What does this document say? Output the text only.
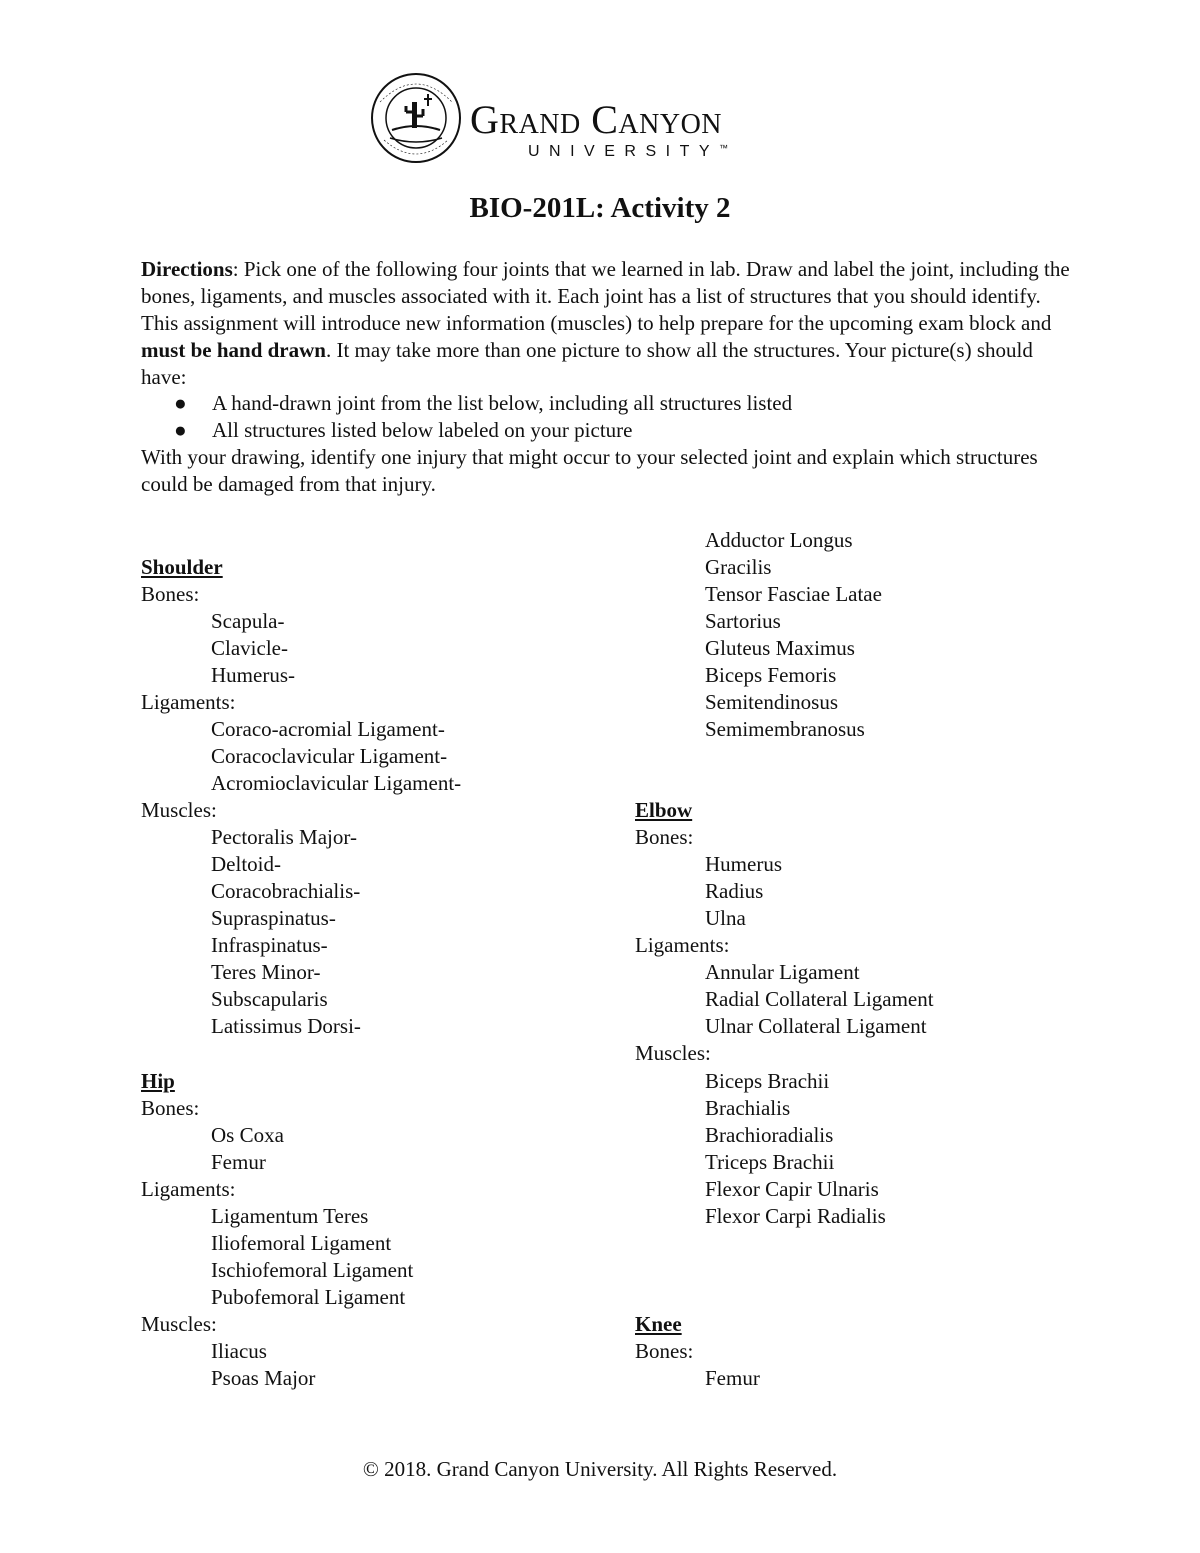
Grand Canyon
UNIVERSITY™
BIO-201L: Activity 2
Directions: Pick one of the following four joints that we learned in lab. Draw and label the joint, including the bones, ligaments, and muscles associated with it. Each joint has a list of structures that you should identify. This assignment will introduce new information (muscles) to help prepare for the upcoming exam block and must be hand drawn. It may take more than one picture to show all the structures. Your picture(s) should have:
● A hand-drawn joint from the list below, including all structures listed
● All structures listed below labeled on your picture
With your drawing, identify one injury that might occur to your selected joint and explain which structures could be damaged from that injury.
Shoulder
Bones:
Scapula-
Clavicle-
Humerus-
Ligaments:
Coraco-acromial Ligament-
Coracoclavicular Ligament-
Acromioclavicular Ligament-
Muscles:
Pectoralis Major-
Deltoid-
Coracobrachialis-
Supraspinatus-
Infraspinatus-
Teres Minor-
Subscapularis
Latissimus Dorsi-
Hip
Bones:
Os Coxa
Femur
Ligaments:
Ligamentum Teres
Iliofemoral Ligament
Ischiofemoral Ligament
Pubofemoral Ligament
Muscles:
Iliacus
Psoas Major
Adductor Longus
Gracilis
Tensor Fasciae Latae
Sartorius
Gluteus Maximus
Biceps Femoris
Semitendinosus
Semimembranosus
Elbow
Bones:
Humerus
Radius
Ulna
Ligaments:
Annular Ligament
Radial Collateral Ligament
Ulnar Collateral Ligament
Muscles:
Biceps Brachii
Brachialis
Brachioradialis
Triceps Brachii
Flexor Capir Ulnaris
Flexor Carpi Radialis
Knee
Bones:
Femur
© 2018. Grand Canyon University. All Rights Reserved.
